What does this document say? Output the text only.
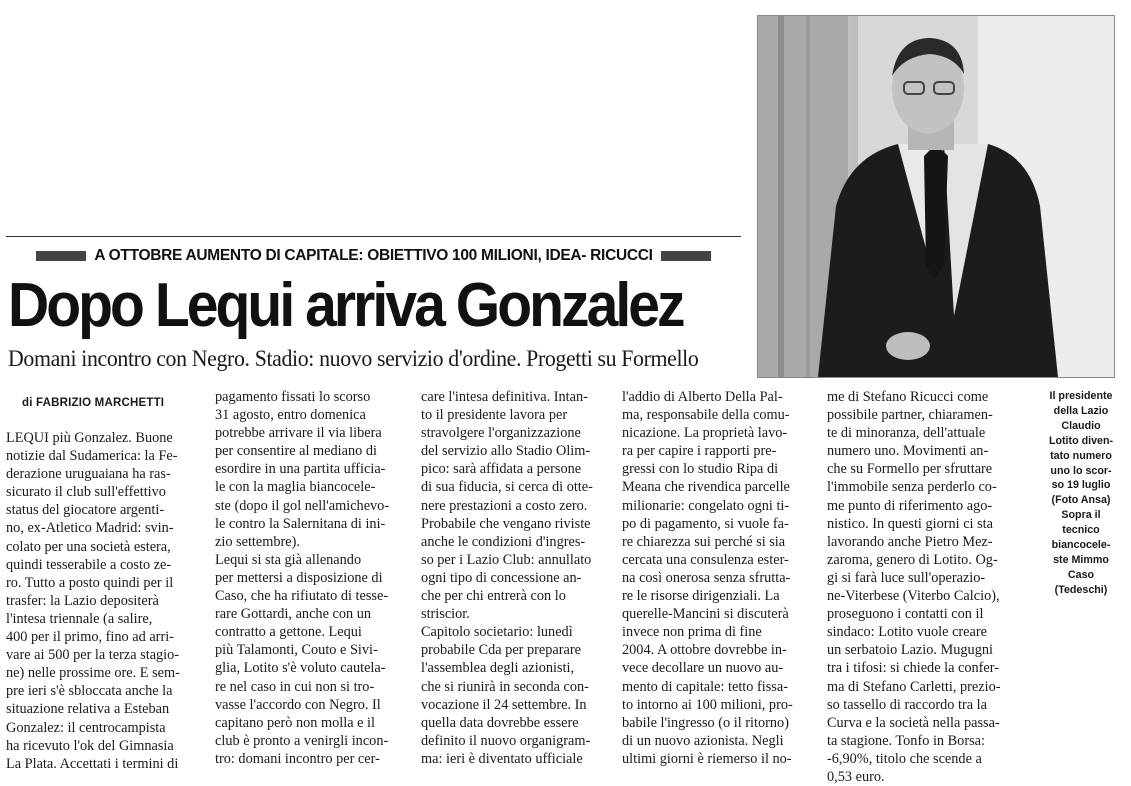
A OTTOBRE AUMENTO DI CAPITALE: OBIETTIVO 100 MILIONI, IDEA- RICUCCI
Dopo Lequi arriva Gonzalez
Domani incontro con Negro. Stadio: nuovo servizio d'ordine. Progetti su Formello
di FABRIZIO MARCHETTI

LEQUI più Gonzalez. Buone

notizie dal Sudamerica: la Fe-

derazione uruguaiana ha ras-

sicurato il club sull'effettivo

status del giocatore argenti-

no, ex-Atletico Madrid: svin-

colato per una società estera,

quindi tesserabile a costo ze-

ro. Tutto a posto quindi per il

trasfer: la Lazio depositerà

l'intesa triennale (a salire,

400 per il primo, fino ad arri-

vare ai 500 per la terza stagio-

ne) nelle prossime ore. E sem-

pre ieri s'è sbloccata anche la

situazione relativa a Esteban

Gonzalez: il centrocampista

ha ricevuto l'ok del Gimnasia

La Plata. Accettati i termini di

pagamento fissati lo scorso

31 agosto, entro domenica

potrebbe arrivare il via libera

per consentire al mediano di

esordire in una partita ufficia-

le con la maglia biancocele-

ste (dopo il gol nell'amichevo-

le contro la Salernitana di ini-

zio settembre).

Lequi si sta già allenando

per mettersi a disposizione di

Caso, che ha rifiutato di tesse-

rare Gottardi, anche con un

contratto a gettone. Lequi

più Talamonti, Couto e Sivi-

glia, Lotito s'è voluto cautela-

re nel caso in cui non si tro-

vasse l'accordo con Negro. Il

capitano però non molla e il

club è pronto a venirgli incon-

tro: domani incontro per cer-

care l'intesa definitiva. Intan-

to il presidente lavora per

stravolgere l'organizzazione

del servizio allo Stadio Olim-

pico: sarà affidata a persone

di sua fiducia, si cerca di otte-

nere prestazioni a costo zero.

Probabile che vengano riviste

anche le condizioni d'ingres-

so per i Lazio Club: annullato

ogni tipo di concessione an-

che per chi entrerà con lo

striscior.

Capitolo societario: lunedì

probabile Cda per preparare

l'assemblea degli azionisti,

che si riunirà in seconda con-

vocazione il 24 settembre. In

quella data dovrebbe essere

definito il nuovo organigram-

ma: ieri è diventato ufficiale

l'addio di Alberto Della Pal-

ma, responsabile della comu-

nicazione. La proprietà lavo-

ra per capire i rapporti pre-

gressi con lo studio Ripa di

Meana che rivendica parcelle

milionarie: congelato ogni ti-

po di pagamento, si vuole fa-

re chiarezza sui perché si sia

cercata una consulenza ester-

na così onerosa senza sfrutta-

re le risorse dirigenziali. La

querelle-Mancini si discuterà

invece non prima di fine

2004. A ottobre dovrebbe in-

vece decollare un nuovo au-

mento di capitale: tetto fissa-

to intorno ai 100 milioni, pro-

babile l'ingresso (o il ritorno)

di un nuovo azionista. Negli

ultimi giorni è riemerso il no-

me di Stefano Ricucci come

possibile partner, chiaramen-

te di minoranza, dell'attuale

numero uno. Movimenti an-

che su Formello per sfruttare

l'immobile senza perderlo co-

me punto di riferimento ago-

nistico. In questi giorni ci sta

lavorando anche Pietro Mez-

zaroma, genero di Lotito. Og-

gi si farà luce sull'operazio-

ne-Viterbese (Viterbo Calcio),

proseguono i contatti con il

sindaco: Lotito vuole creare

un serbatoio Lazio. Mugugni

tra i tifosi: si chiede la confer-

ma di Stefano Carletti, prezio-

so tassello di raccordo tra la

Curva e la società nella passa-

ta stagione. Tonfo in Borsa:

-6,90%, titolo che scende a

0,53 euro.

Il presidente
della Lazio
Claudio
Lotito diven-
tato numero
uno lo scor-
so 19 luglio
(Foto Ansa)
Sopra il
tecnico
biancocele-
ste Mimmo
Caso
(Tedeschi)
